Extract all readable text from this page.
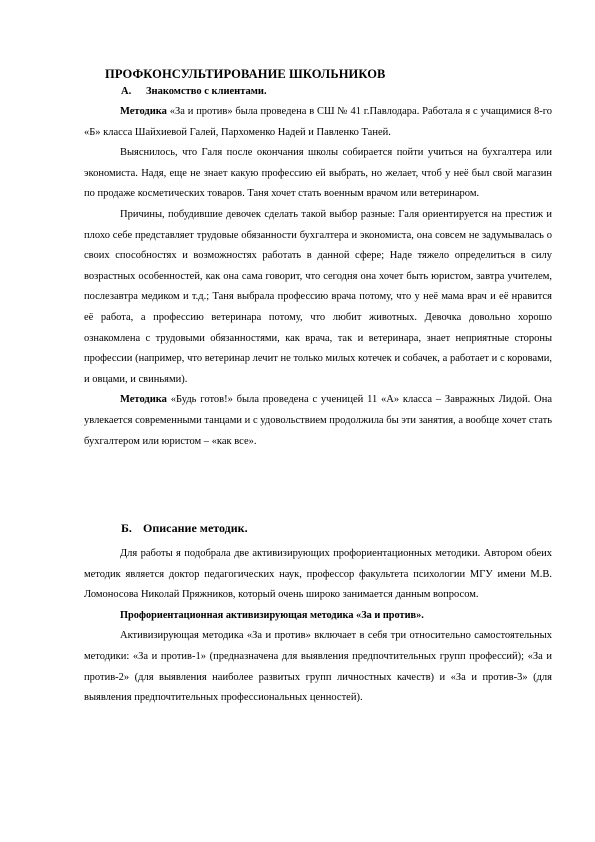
ПРОФКОНСУЛЬТИРОВАНИЕ ШКОЛЬНИКОВ
А. Знакомство с клиентами.

Методика «За и против» была проведена в СШ № 41 г.Павлодара. Работала я с учащимися 8-го «Б» класса Шайхиевой Галей, Пархоменко Надей и Павленко Таней.

Выяснилось, что Галя после окончания школы собирается пойти учиться на бухгалтера или экономиста. Надя, еще не знает какую профессию ей выбрать, но желает, чтоб у неё был свой магазин по продаже косметических товаров. Таня хочет стать военным врачом или ветеринаром.

Причины, побудившие девочек сделать такой выбор разные: Галя ориентируется на престиж и плохо себе представляет трудовые обязанности бухгалтера и экономиста, она совсем не задумывалась о своих способностях и возможностях работать в данной сфере; Наде тяжело определиться в силу возрастных особенностей, как она сама говорит, что сегодня она хочет быть юристом, завтра учителем, послезавтра медиком и т.д.; Таня выбрала профессию врача потому, что у неё мама врач и её нравится её работа, а профессию ветеринара потому, что любит животных. Девочка довольно хорошо ознакомлена с трудовыми обязанностями, как врача, так и ветеринара, знает неприятные стороны профессии (например, что ветеринар лечит не только милых котечек и собачек, а работает и с коровами, и овцами, и свиньями).

Методика «Будь готов!» была проведена с ученицей 11 «А» класса – Завражных Лидой. Она увлекается современными танцами и с удовольствием продолжила бы эти занятия, а вообще хочет стать бухгалтером или юристом – «как все».

Б. Описание методик.

Для работы я подобрала две активизирующих профориентационных методики. Автором обеих методик является доктор педагогических наук, профессор факультета психологии МГУ имени М.В. Ломоносова Николай Пряжников, который очень широко занимается данным вопросом.

Профориентационная активизирующая методика «За и против».

Активизирующая методика «За и против» включает в себя три относительно самостоятельных методики: «За и против-1» (предназначена для выявления предпочтительных групп профессий); «За и против-2» (для выявления наиболее развитых групп личностных качеств) и «За и против-3» (для выявления предпочтительных профессиональных ценностей).
